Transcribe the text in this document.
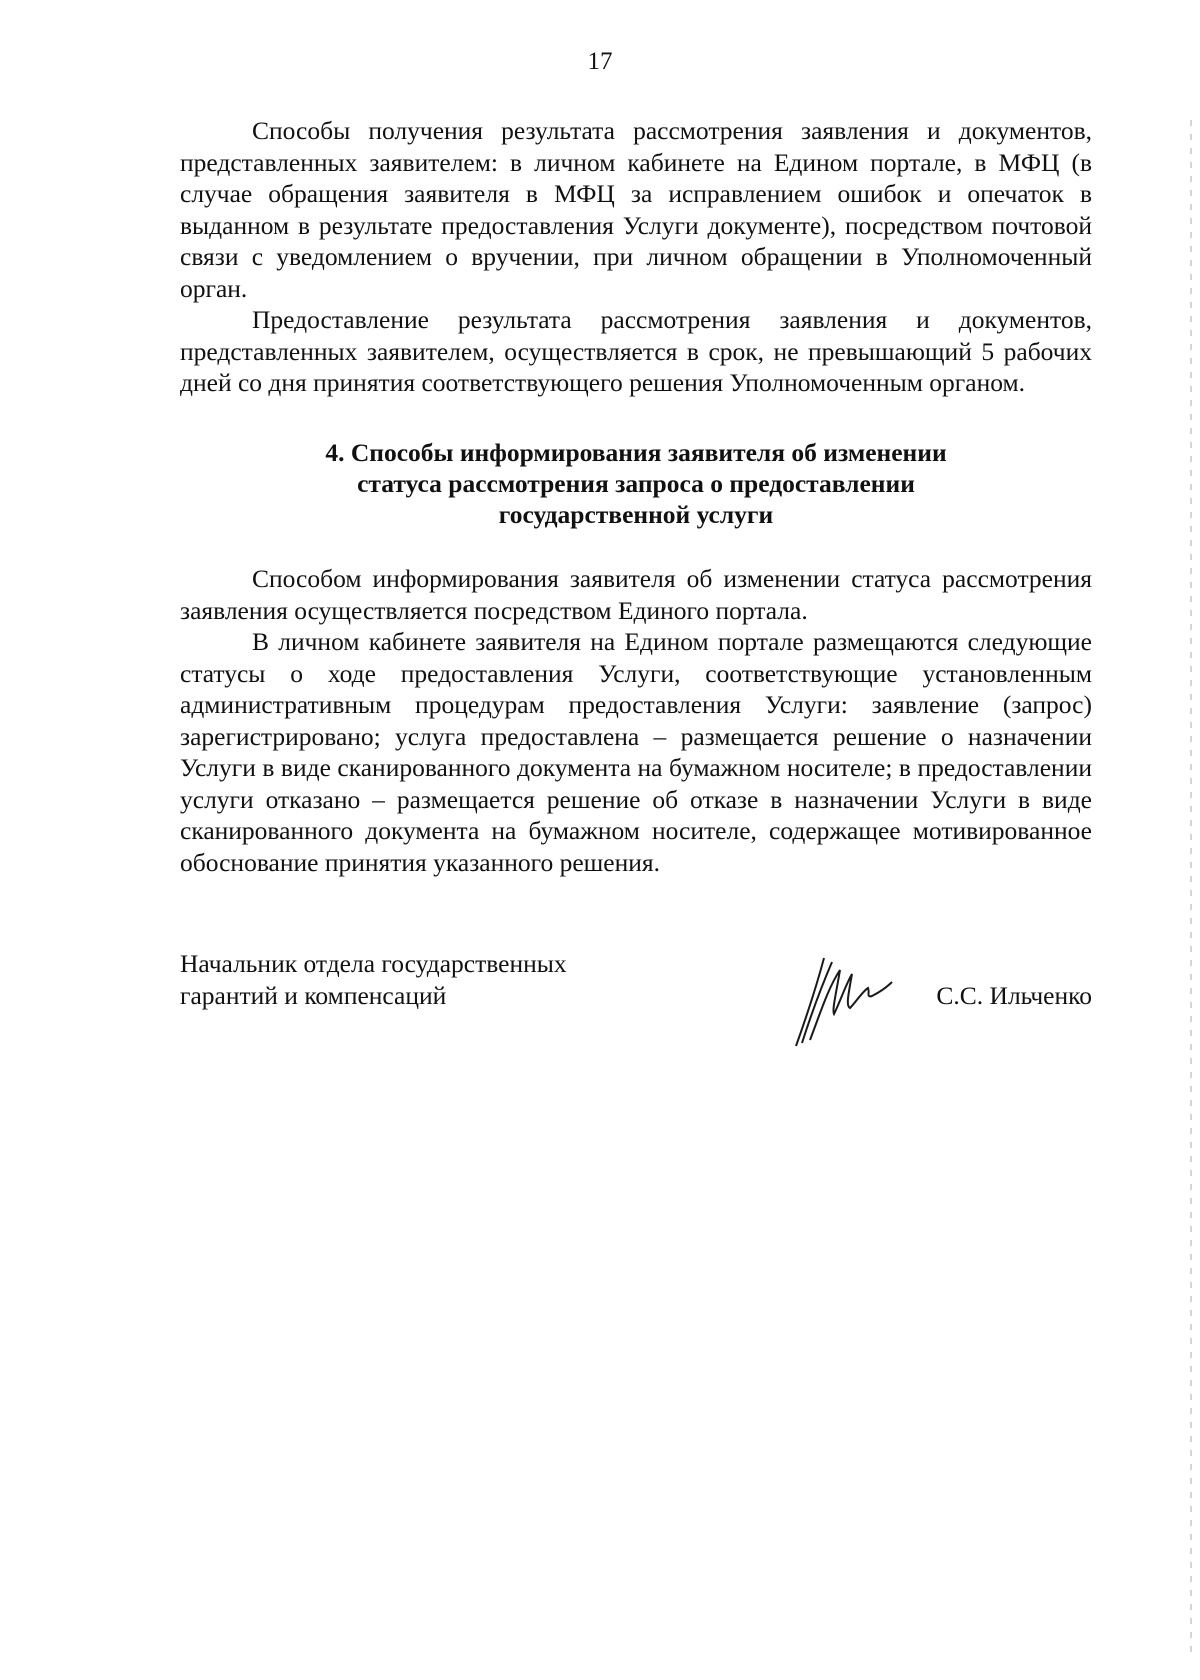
17

Способы получения результата рассмотрения заявления и документов, представленных заявителем: в личном кабинете на Едином портале, в МФЦ (в случае обращения заявителя в МФЦ за исправлением ошибок и опечаток в выданном в результате предоставления Услуги документе), посредством почтовой связи с уведомлением о вручении, при личном обращении в Уполномоченный орган.

Предоставление результата рассмотрения заявления и документов, представленных заявителем, осуществляется в срок, не превышающий 5 рабочих дней со дня принятия соответствующего решения Уполномоченным органом.

4. Способы информирования заявителя об изменении
статуса рассмотрения запроса о предоставлении
государственной услуги

Способом информирования заявителя об изменении статуса рассмотрения заявления осуществляется посредством Единого портала.

В личном кабинете заявителя на Едином портале размещаются следующие статусы о ходе предоставления Услуги, соответствующие установленным административным процедурам предоставления Услуги: заявление (запрос) зарегистрировано; услуга предоставлена – размещается решение о назначении Услуги в виде сканированного документа на бумажном носителе; в предоставлении услуги отказано – размещается решение об отказе в назначении Услуги в виде сканированного документа на бумажном носителе, содержащее мотивированное обоснование принятия указанного решения.

Начальник отдела государственных
гарантий и компенсаций	С.С. Ильченко
